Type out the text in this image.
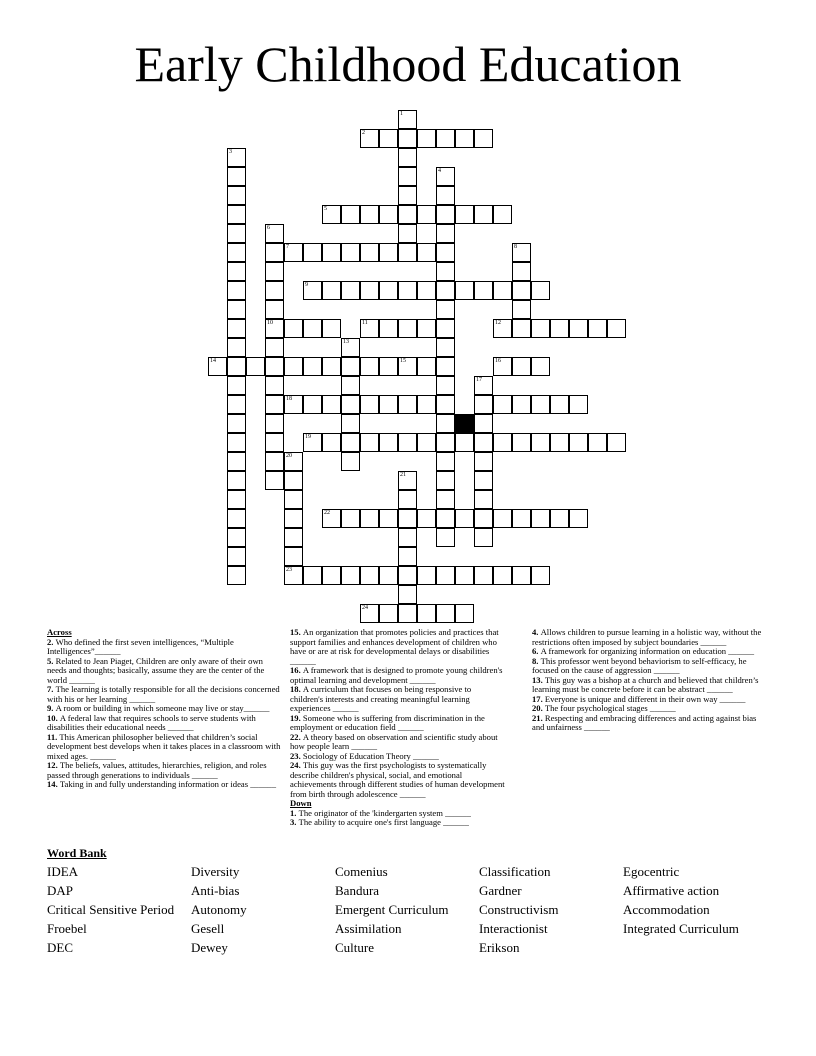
Early Childhood Education
1
2
3
4
5
6
10
7	8
9
11	12
13
14	15	16
17
18
19
20
23
21
22
24
Across
2. Who defined the first seven intelligences, “Multiple Intelligences”______
5. Related to Jean Piaget, Children are only aware of their own needs and thoughts; basically, assume they are the center of the world ______
7. The learning is totally responsible for all the decisions concerned with his or her learning ______
9. A room or building in which someone may live or stay______
10. A federal law that requires schools to serve students with disabilities their educational needs ______
11. This American philosopher believed that children’s social development best develops when it takes places in a classroom with mixed ages. ______
12. The beliefs, values, attitudes, hierarchies, religion, and roles passed through generations to individuals ______
14. Taking in and fully understanding information or ideas ______
15. An organization that promotes policies and practices that support families and enhances development of children who have or are at risk for developmental delays or disabilities ______
16. A framework that is designed to promote young children's optimal learning and development ______
18. A curriculum that focuses on being responsive to children's interests and creating meaningful learning experiences ______
19. Someone who is suffering from discrimination in the employment or education field ______
22. A theory based on observation and scientific study about how people learn ______
23. Sociology of Education Theory ______
24. This guy was the first psychologists to systematically describe children's physical, social, and emotional achievements through different studies of human development from birth through adolescence ______
Down
1. The originator of the 'kindergarten system ______
3. The ability to acquire one's first language ______
4. Allows children to pursue learning in a holistic way, without the restrictions often imposed by subject boundaries ______
6. A framework for organizing information on education ______
8. This professor went beyond behaviorism to self-efficacy, he focused on the cause of aggression ______
13. This guy was a bishop at a church and believed that children’s learning must be concrete before it can be abstract ______
17. Everyone is unique and different in their own way ______
20. The four psychological stages ______
21. Respecting and embracing differences and acting against bias and unfairness ______
Word Bank
IDEA	Diversity	Comenius	Classification	Egocentric
DAP	Anti-bias	Bandura	Gardner	Affirmative action
Critical Sensitive Period	Autonomy	Emergent Curriculum	Constructivism	Accommodation
Froebel	Gesell	Assimilation	Interactionist	Integrated Curriculum
DEC	Dewey	Culture	Erikson
